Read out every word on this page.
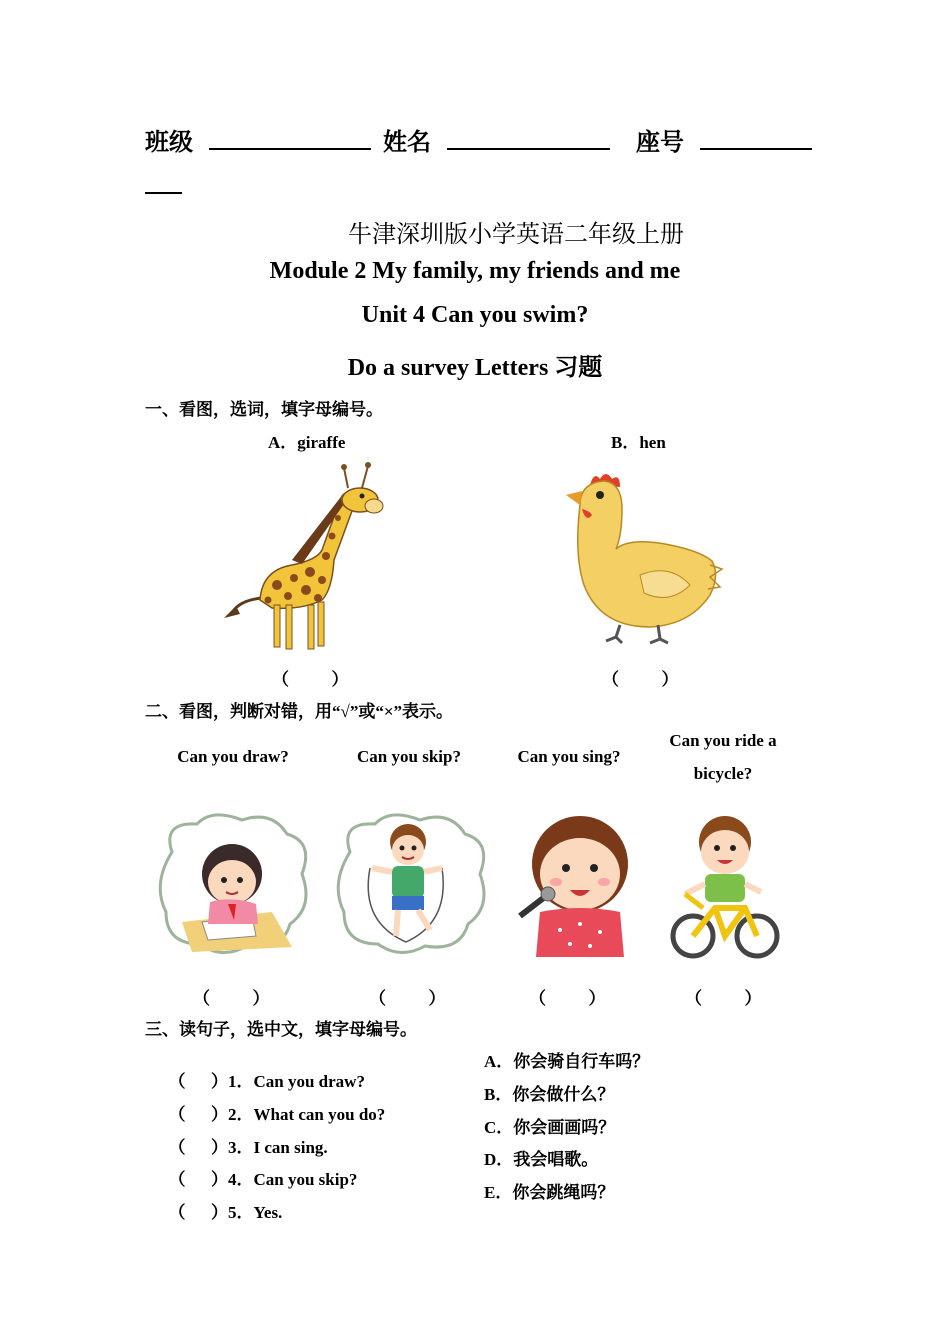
班级	姓名	座号
牛津深圳版小学英语二年级上册
Module 2 My family, my friends and me
Unit 4 Can you swim?
Do a survey Letters 习题
一、看图，选词，填字母编号。
A．giraffe	B．hen
（          ）	（          ）
二、看图，判断对错，用“√”或“×”表示。
Can you draw?	Can you skip?	Can you sing?
Can you ride a
bicycle?
（          ）	（          ）	（          ）	（          ）
三、读句子，选中文，填字母编号。

（      ）1．Can you draw?

（      ）2．What can you do?

（      ）3．I can sing.

（      ）4．Can you skip?

（      ）5．Yes.

A．你会骑自行车吗？
B．你会做什么？
C．你会画画吗？
D．我会唱歌。
E．你会跳绳吗？
